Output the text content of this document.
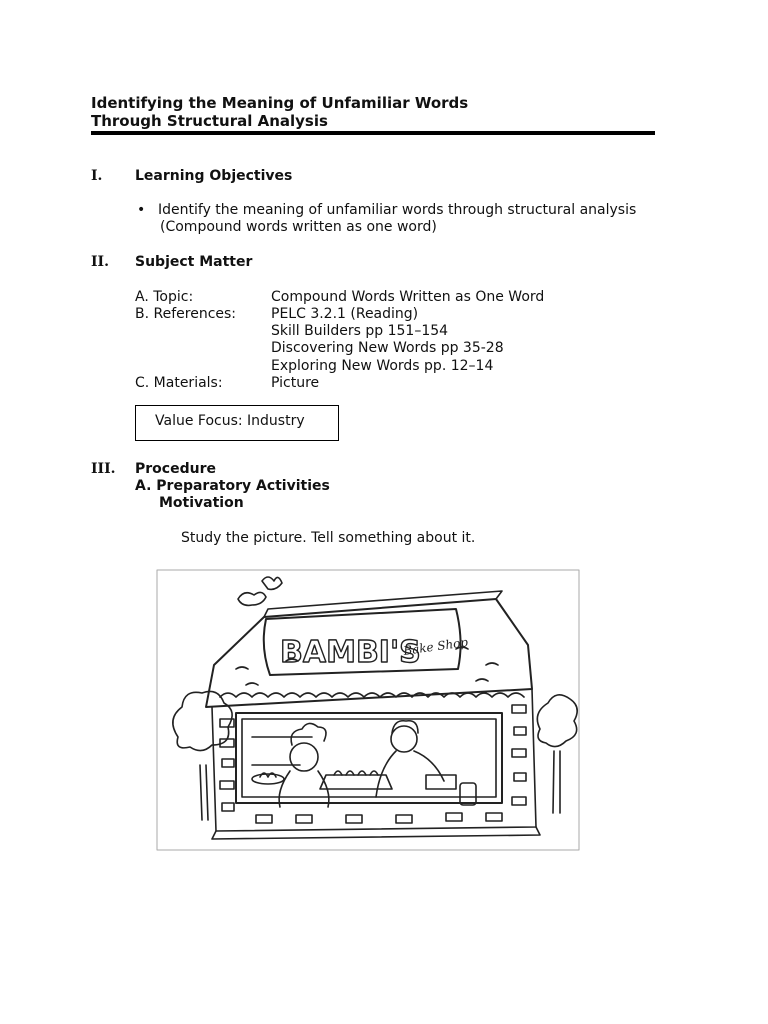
Identifying the Meaning of Unfamiliar Words
Through Structural Analysis
I. Learning Objectives
• Identify the meaning of unfamiliar words through structural analysis
(Compound words written as one word)
II. Subject Matter
A. Topic:	Compound Words Written as One Word
B. References: PELC 3.2.1 (Reading)
Skill Builders pp 151–154
Discovering New Words pp 35-28
Exploring New Words pp. 12–14
C. Materials:	Picture
Value Focus: Industry
III. Procedure
A. Preparatory Activities
Motivation
Study the picture. Tell something about it.
BAMBI'S
Bake Shop
